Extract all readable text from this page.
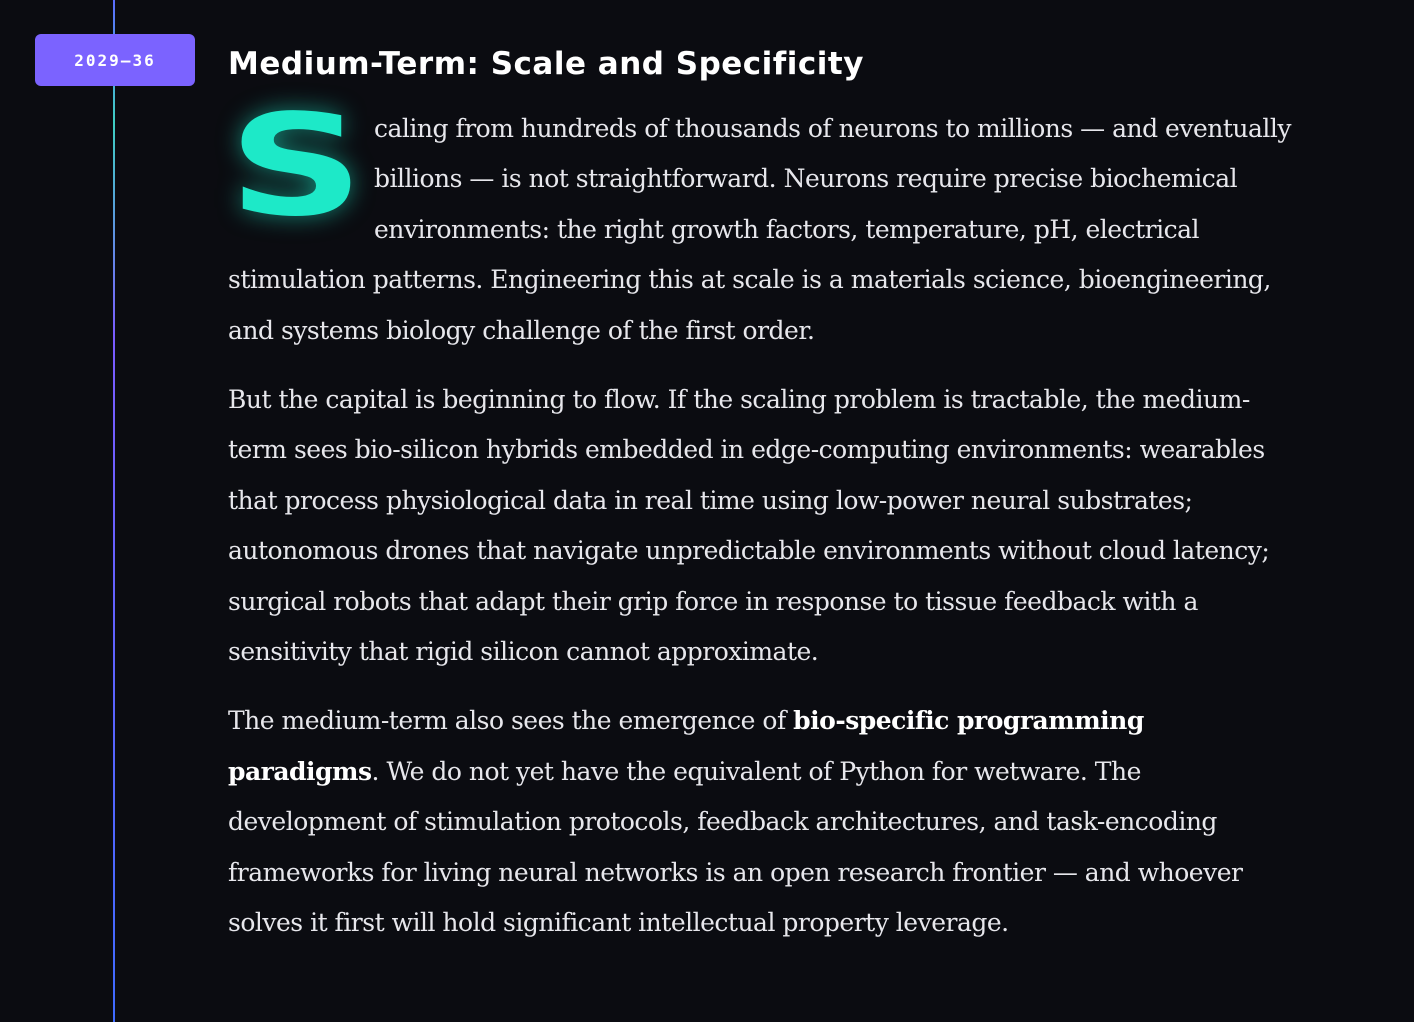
2029–36	Medium-Term: Scale and Specificity

Scaling from hundreds of thousands of neurons to millions — and eventually billions — is not straightforward. Neurons require precise biochemical environments: the right growth factors, temperature, pH, electrical stimulation patterns. Engineering this at scale is a materials science, bioengineering, and systems biology challenge of the first order.

But the capital is beginning to flow. If the scaling problem is tractable, the medium-term sees bio-silicon hybrids embedded in edge-computing environments: wearables that process physiological data in real time using low-power neural substrates; autonomous drones that navigate unpredictable environments without cloud latency; surgical robots that adapt their grip force in response to tissue feedback with a sensitivity that rigid silicon cannot approximate.

The medium-term also sees the emergence of bio-specific programming paradigms. We do not yet have the equivalent of Python for wetware. The development of stimulation protocols, feedback architectures, and task-encoding frameworks for living neural networks is an open research frontier — and whoever solves it first will hold significant intellectual property leverage.
